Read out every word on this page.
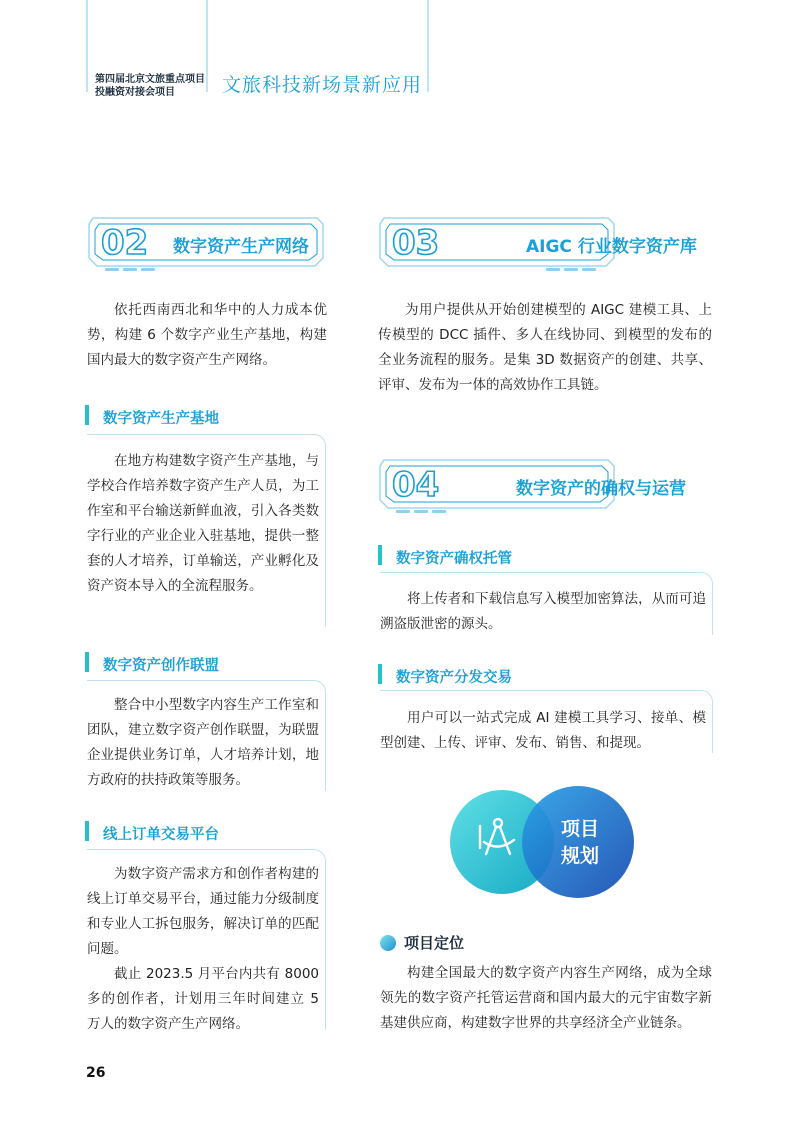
第四届北京文旅重点项目
投融资对接会项目	文旅科技新场景新应用
02 数字资产生产网络

依托西南西北和华中的人力成本优势，构建 6 个数字产业生产基地，构建国内最大的数字资产生产网络。

数字资产生产基地

在地方构建数字资产生产基地，与学校合作培养数字资产生产人员，为工作室和平台输送新鲜血液，引入各类数字行业的产业企业入驻基地，提供一整套的人才培养，订单输送，产业孵化及资产资本导入的全流程服务。

数字资产创作联盟

整合中小型数字内容生产工作室和团队，建立数字资产创作联盟，为联盟企业提供业务订单，人才培养计划，地方政府的扶持政策等服务。

线上订单交易平台

为数字资产需求方和创作者构建的线上订单交易平台，通过能力分级制度和专业人工拆包服务，解决订单的匹配问题。

截止 2023.5 月平台内共有 8000 多的创作者，计划用三年时间建立 5 万人的数字资产生产网络。

03	AIGC 行业数字资产库

为用户提供从开始创建模型的 AIGC 建模工具、上传模型的 DCC 插件、多人在线协同、到模型的发布的全业务流程的服务。是集 3D 数据资产的创建、共享、评审、发布为一体的高效协作工具链。

04	数字资产的确权与运营
数字资产确权托管

将上传者和下载信息写入模型加密算法，从而可追溯盗版泄密的源头。

数字资产分发交易

用户可以一站式完成 AI 建模工具学习、接单、模型创建、上传、评审、发布、销售、和提现。

项目
规划
项目定位

构建全国最大的数字资产内容生产网络，成为全球领先的数字资产托管运营商和国内最大的元宇宙数字新基建供应商，构建数字世界的共享经济全产业链条。

26
